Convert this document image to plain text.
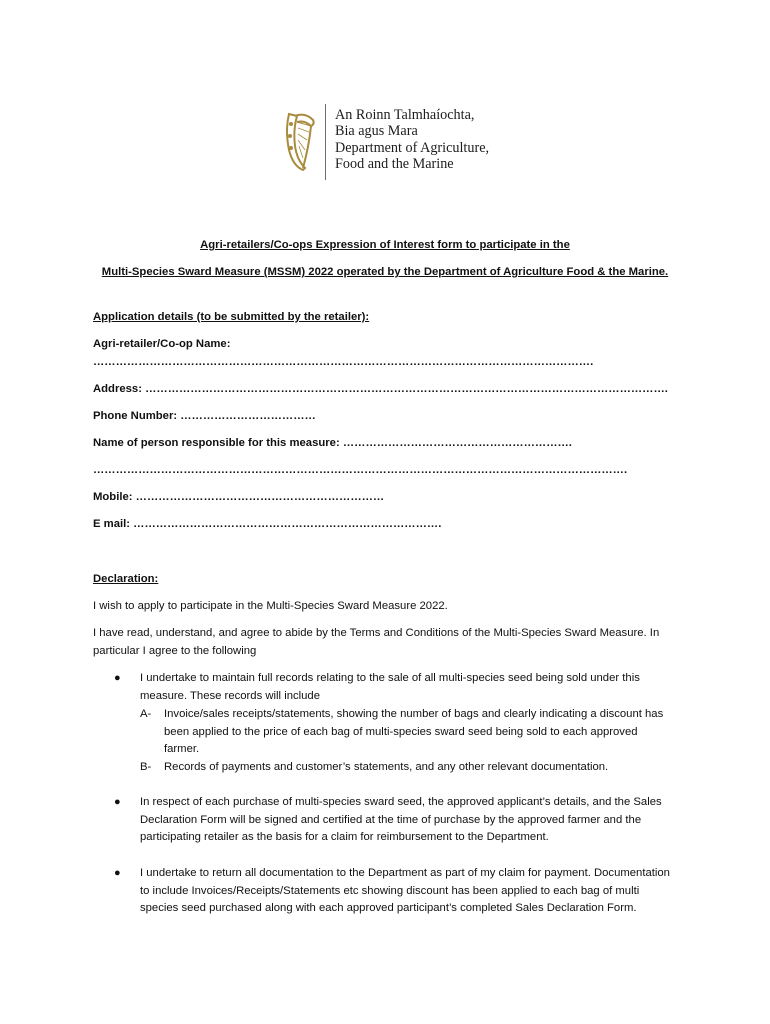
An Roinn Talmhaíochta,
Bia agus Mara
Department of Agriculture,
Food and the Marine
Agri-retailers/Co-ops Expression of Interest form to participate in the
Multi-Species Sward Measure (MSSM) 2022 operated by the Department of Agriculture Food & the Marine.
Application details (to be submitted by the retailer):
Agri-retailer/Co-op Name:
…………………………………………………………………………………………………………………….
Address: ………………………………………………………………………………………………………………………….
Phone Number: ………………………………
Name of person responsible for this measure: …………………………………………………….
…………………………………………………………………………………………………………………………….
Mobile: …………………………………………………………
E mail: ……………………………………………………………………….
Declaration:
I wish to apply to participate in the Multi-Species Sward Measure 2022.
I have read, understand, and agree to abide by the Terms and Conditions of the Multi-Species Sward Measure. In particular I agree to the following
● I undertake to maintain full records relating to the sale of all multi-species seed being sold under this measure. These records will include
A- Invoice/sales receipts/statements, showing the number of bags and clearly indicating a discount has been applied to the price of each bag of multi-species sward seed being sold to each approved farmer.
B- Records of payments and customer’s statements, and any other relevant documentation.
● In respect of each purchase of multi-species sward seed, the approved applicant’s details, and the Sales Declaration Form will be signed and certified at the time of purchase by the approved farmer and the participating retailer as the basis for a claim for reimbursement to the Department.
● I undertake to return all documentation to the Department as part of my claim for payment. Documentation to include Invoices/Receipts/Statements etc showing discount has been applied to each bag of multi species seed purchased along with each approved participant’s completed Sales Declaration Form.
